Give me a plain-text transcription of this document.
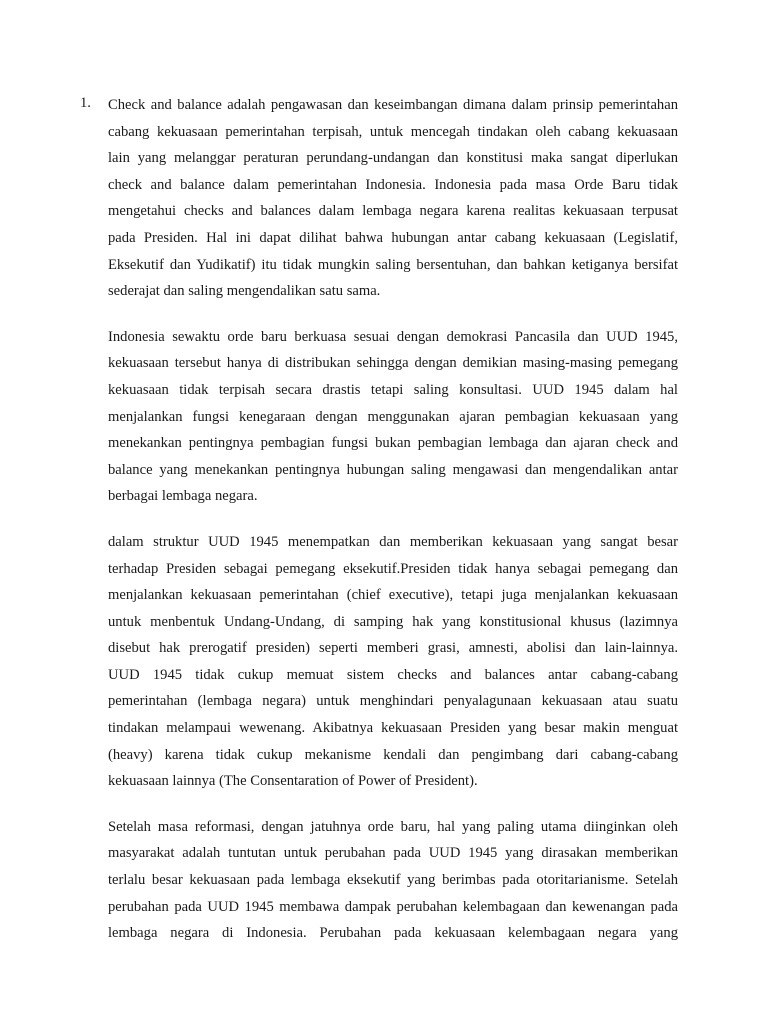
1. Check and balance adalah pengawasan dan keseimbangan dimana dalam prinsip pemerintahan
cabang kekuasaan pemerintahan terpisah, untuk mencegah tindakan oleh cabang kekuasaan
lain yang melanggar peraturan perundang-undangan dan konstitusi maka sangat diperlukan
check and balance dalam pemerintahan Indonesia. Indonesia pada masa Orde Baru tidak
mengetahui checks and balances dalam lembaga negara karena realitas kekuasaan terpusat
pada Presiden. Hal ini dapat dilihat bahwa hubungan antar cabang kekuasaan (Legislatif,
Eksekutif dan Yudikatif) itu tidak mungkin saling bersentuhan, dan bahkan ketiganya bersifat
sederajat dan saling mengendalikan satu sama.
Indonesia sewaktu orde baru berkuasa sesuai dengan demokrasi Pancasila dan UUD 1945,
kekuasaan tersebut hanya di distribukan sehingga dengan demikian masing-masing pemegang
kekuasaan tidak terpisah secara drastis tetapi saling konsultasi. UUD 1945 dalam hal
menjalankan fungsi kenegaraan dengan menggunakan ajaran pembagian kekuasaan yang
menekankan pentingnya pembagian fungsi bukan pembagian lembaga dan ajaran check and
balance yang menekankan pentingnya hubungan saling mengawasi dan mengendalikan antar
berbagai lembaga negara.
dalam struktur UUD 1945 menempatkan dan memberikan kekuasaan yang sangat besar
terhadap Presiden sebagai pemegang eksekutif.Presiden tidak hanya sebagai pemegang dan
menjalankan kekuasaan pemerintahan (chief executive), tetapi juga menjalankan kekuasaan
untuk menbentuk Undang-Undang, di samping hak yang konstitusional khusus (lazimnya
disebut hak prerogatif presiden) seperti memberi grasi, amnesti, abolisi dan lain-lainnya.
UUD 1945 tidak cukup memuat sistem checks and balances antar cabang-cabang
pemerintahan (lembaga negara) untuk menghindari penyalagunaan kekuasaan atau suatu
tindakan melampaui wewenang. Akibatnya kekuasaan Presiden yang besar makin menguat
(heavy) karena tidak cukup mekanisme kendali dan pengimbang dari cabang-cabang
kekuasaan lainnya (The Consentaration of Power of President).
Setelah masa reformasi, dengan jatuhnya orde baru, hal yang paling utama diinginkan oleh
masyarakat adalah tuntutan untuk perubahan pada UUD 1945 yang dirasakan memberikan
terlalu besar kekuasaan pada lembaga eksekutif yang berimbas pada otoritarianisme. Setelah
perubahan pada UUD 1945 membawa dampak perubahan kelembagaan dan kewenangan pada
lembaga negara di Indonesia. Perubahan pada kekuasaan kelembagaan negara yang
